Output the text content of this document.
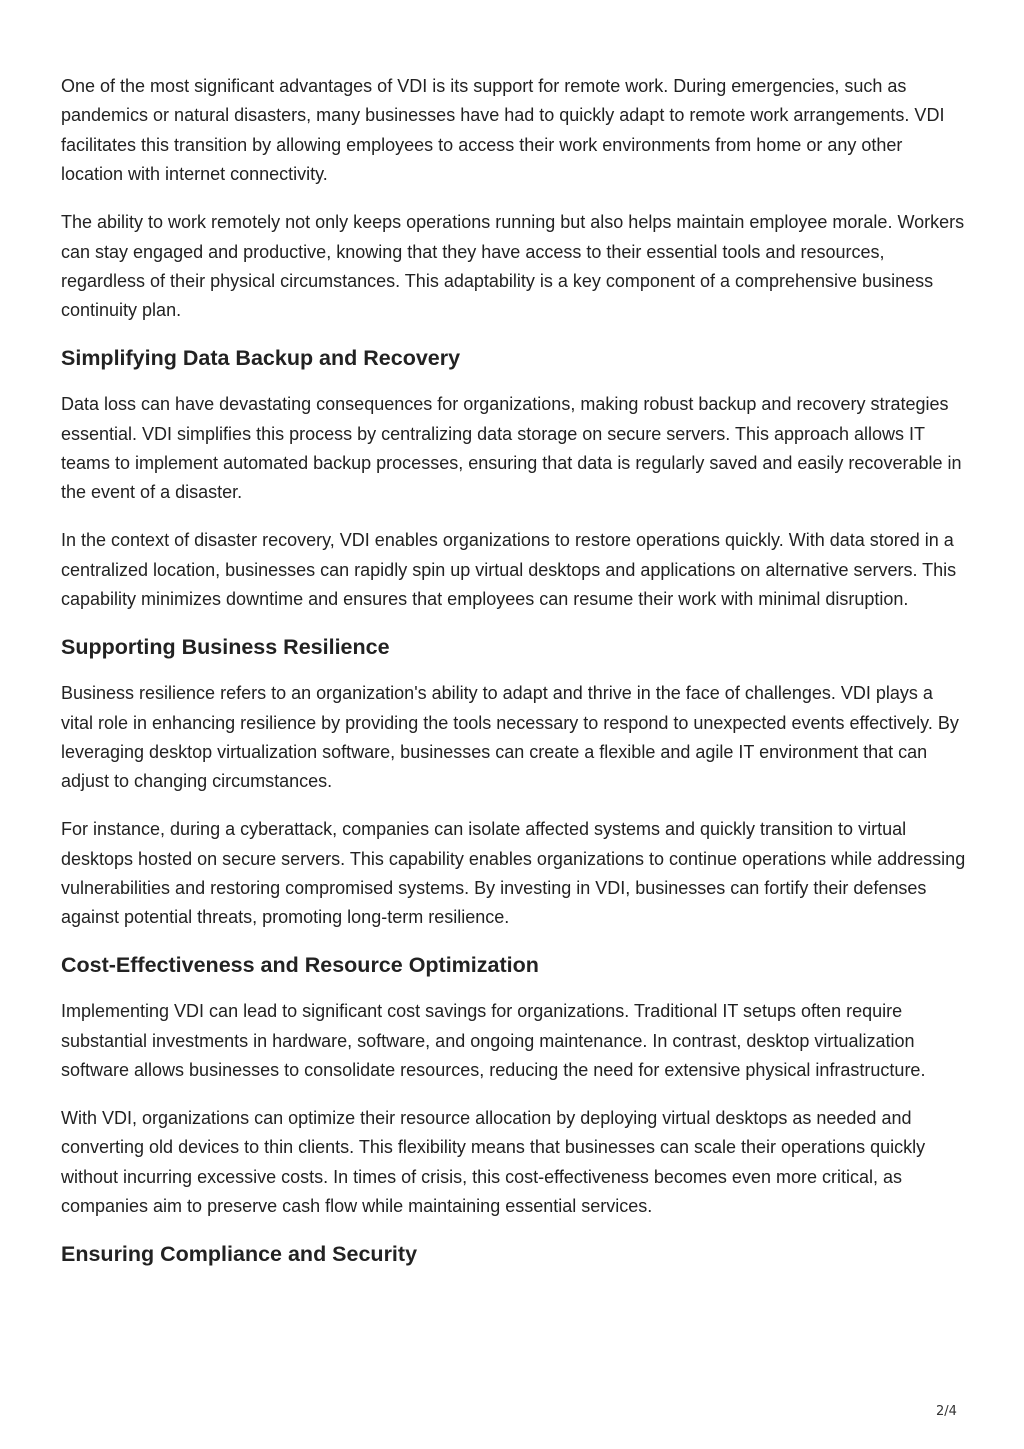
One of the most significant advantages of VDI is its support for remote work. During emergencies, such as pandemics or natural disasters, many businesses have had to quickly adapt to remote work arrangements. VDI facilitates this transition by allowing employees to access their work environments from home or any other location with internet connectivity.

The ability to work remotely not only keeps operations running but also helps maintain employee morale. Workers can stay engaged and productive, knowing that they have access to their essential tools and resources, regardless of their physical circumstances. This adaptability is a key component of a comprehensive business continuity plan.

Simplifying Data Backup and Recovery

Data loss can have devastating consequences for organizations, making robust backup and recovery strategies essential. VDI simplifies this process by centralizing data storage on secure servers. This approach allows IT teams to implement automated backup processes, ensuring that data is regularly saved and easily recoverable in the event of a disaster.

In the context of disaster recovery, VDI enables organizations to restore operations quickly. With data stored in a centralized location, businesses can rapidly spin up virtual desktops and applications on alternative servers. This capability minimizes downtime and ensures that employees can resume their work with minimal disruption.

Supporting Business Resilience

Business resilience refers to an organization's ability to adapt and thrive in the face of challenges. VDI plays a vital role in enhancing resilience by providing the tools necessary to respond to unexpected events effectively. By leveraging desktop virtualization software, businesses can create a flexible and agile IT environment that can adjust to changing circumstances.

For instance, during a cyberattack, companies can isolate affected systems and quickly transition to virtual desktops hosted on secure servers. This capability enables organizations to continue operations while addressing vulnerabilities and restoring compromised systems. By investing in VDI, businesses can fortify their defenses against potential threats, promoting long-term resilience.

Cost-Effectiveness and Resource Optimization

Implementing VDI can lead to significant cost savings for organizations. Traditional IT setups often require substantial investments in hardware, software, and ongoing maintenance. In contrast, desktop virtualization software allows businesses to consolidate resources, reducing the need for extensive physical infrastructure.

With VDI, organizations can optimize their resource allocation by deploying virtual desktops as needed and converting old devices to thin clients. This flexibility means that businesses can scale their operations quickly without incurring excessive costs. In times of crisis, this cost-effectiveness becomes even more critical, as companies aim to preserve cash flow while maintaining essential services.

Ensuring Compliance and Security
2/4
